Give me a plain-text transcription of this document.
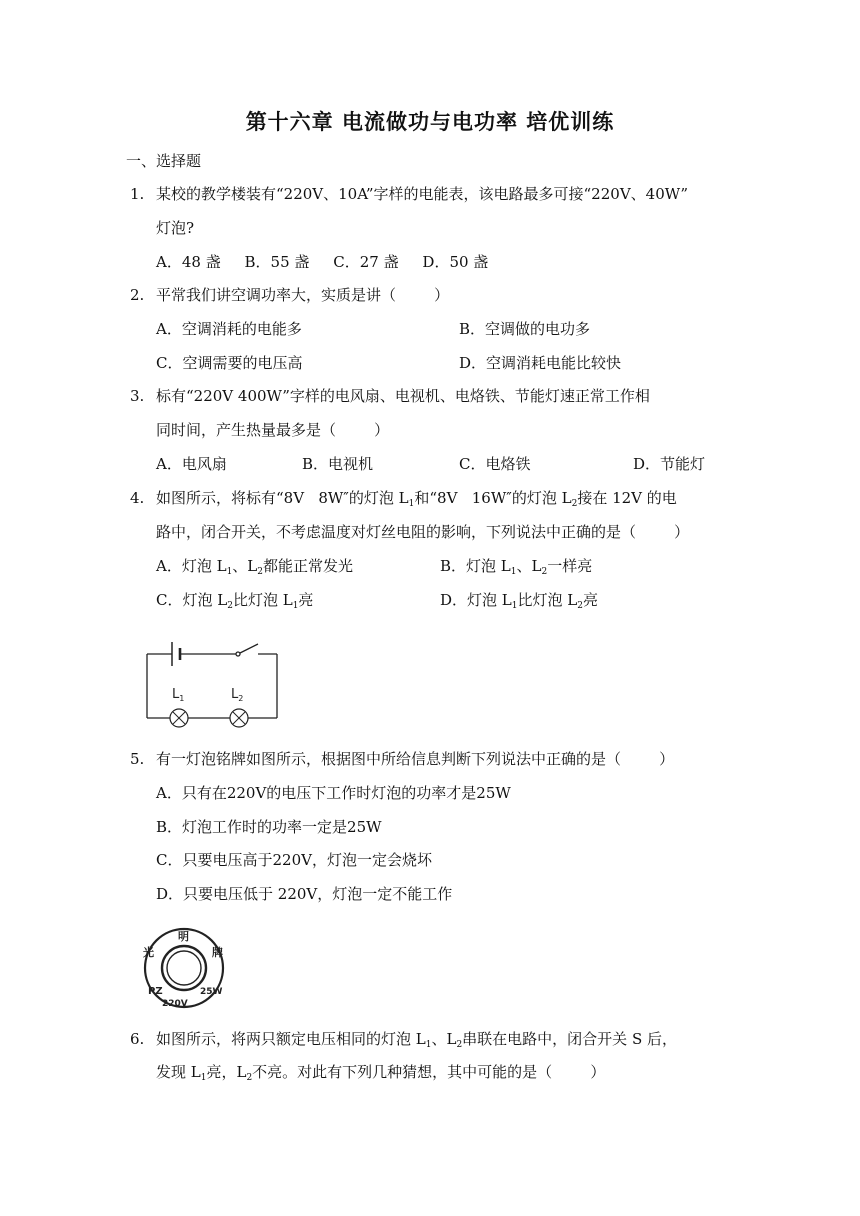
第十六章 电流做功与电功率 培优训练
一、选择题
1. 某校的教学楼装有“220V、10A”字样的电能表，该电路最多可接“220V、40W”
灯泡?
A．48 盏     B．55 盏     C．27 盏     D．50 盏
2. 平常我们讲空调功率大，实质是讲（        ）
A．空调消耗的电能多	B．空调做的电功多
C．空调需要的电压高	D．空调消耗电能比较快
3. 标有“220V 400W”字样的电风扇、电视机、电烙铁、节能灯速正常工作相
同时间，产生热量最多是（        ）
A．电风扇	B．电视机	C．电烙铁	D．节能灯
4. 如图所示，将标有“8V   8W″的灯泡 $L_1$和“8V   16W″的灯泡 $L_2$接在 12V 的电
路中，闭合开关，不考虑温度对灯丝电阻的影响，下列说法中正确的是（        ）
A．灯泡 $L_1$、$L_2$都能正常发光	B．灯泡 $L_1$、$L_2$一样亮
C．灯泡 $L_2$比灯泡 $L_1$亮	D．灯泡 $L_1$比灯泡 $L_2$亮
$L_1$	$L_2$
5. 有一灯泡铭牌如图所示，根据图中所给信息判断下列说法中正确的是（        ）
A．只有在220V的电压下工作时灯泡的功率才是25W
B．灯泡工作时的功率一定是25W
C．只要电压高于220V，灯泡一定会烧坏
D．只要电压低于 220V，灯泡一定不能工作
明
光	牌
PZ
220V
25W
6. 如图所示，将两只额定电压相同的灯泡 $L_1$、$L_2$串联在电路中，闭合开关 S 后，
发现 $L_1$亮，$L_2$不亮。对此有下列几种猜想，其中可能的是（        ）
